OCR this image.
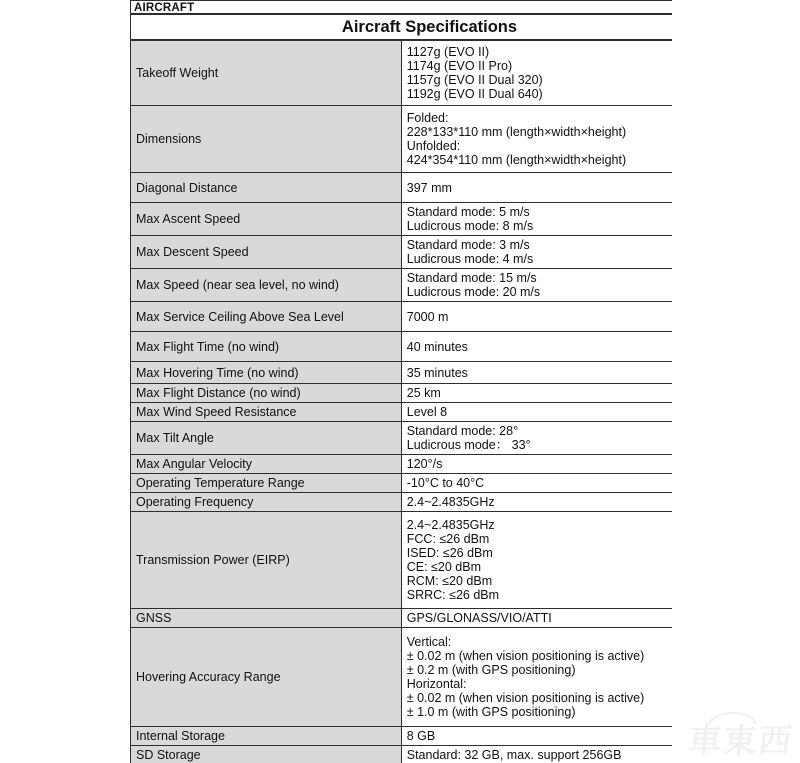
AIRCRAFT
Aircraft Specifications	
Takeoff Weight	1127g (EVO II)
1174g (EVO II Pro)
1157g (EVO II Dual 320)
1192g (EVO II Dual 640)

Dimensions	Folded:
228*133*110 mm (length×width×height)
Unfolded:
424*354*110 mm (length×width×height)

Diagonal Distance	397 mm

Max Ascent Speed	Standard mode: 5 m/s
Ludicrous mode: 8 m/s

Max Descent Speed	Standard mode: 3 m/s
Ludicrous mode: 4 m/s

Max Speed (near sea level, no wind)	Standard mode: 15 m/s
Ludicrous mode: 20 m/s

Max Service Ceiling Above Sea Level	7000 m

Max Flight Time (no wind)	40 minutes

Max Hovering Time (no wind)	35 minutes

Max Flight Distance (no wind)	25 km

Max Wind Speed Resistance	Level 8

Max Tilt Angle	Standard mode: 28°
Ludicrous mode： 33°

Max Angular Velocity	120°/s

Operating Temperature Range	-10°C to 40°C

Operating Frequency	2.4~2.4835GHz

Transmission Power (EIRP)	
2.4~2.4835GHz
FCC: ≤26 dBm
ISED: ≤26 dBm
CE: ≤20 dBm
RCM: ≤20 dBm
SRRC: ≤26 dBm

GNSS	GPS/GLONASS/VIO/ATTI

Hovering Accuracy Range	
Vertical:
± 0.02 m (when vision positioning is active)
± 0.2 m (with GPS positioning)
Horizontal:
± 0.02 m (when vision positioning is active)
± 1.0 m (with GPS positioning)

Internal Storage	8 GB

SD Storage	Standard: 32 GB, max. support 256GB	車東西
